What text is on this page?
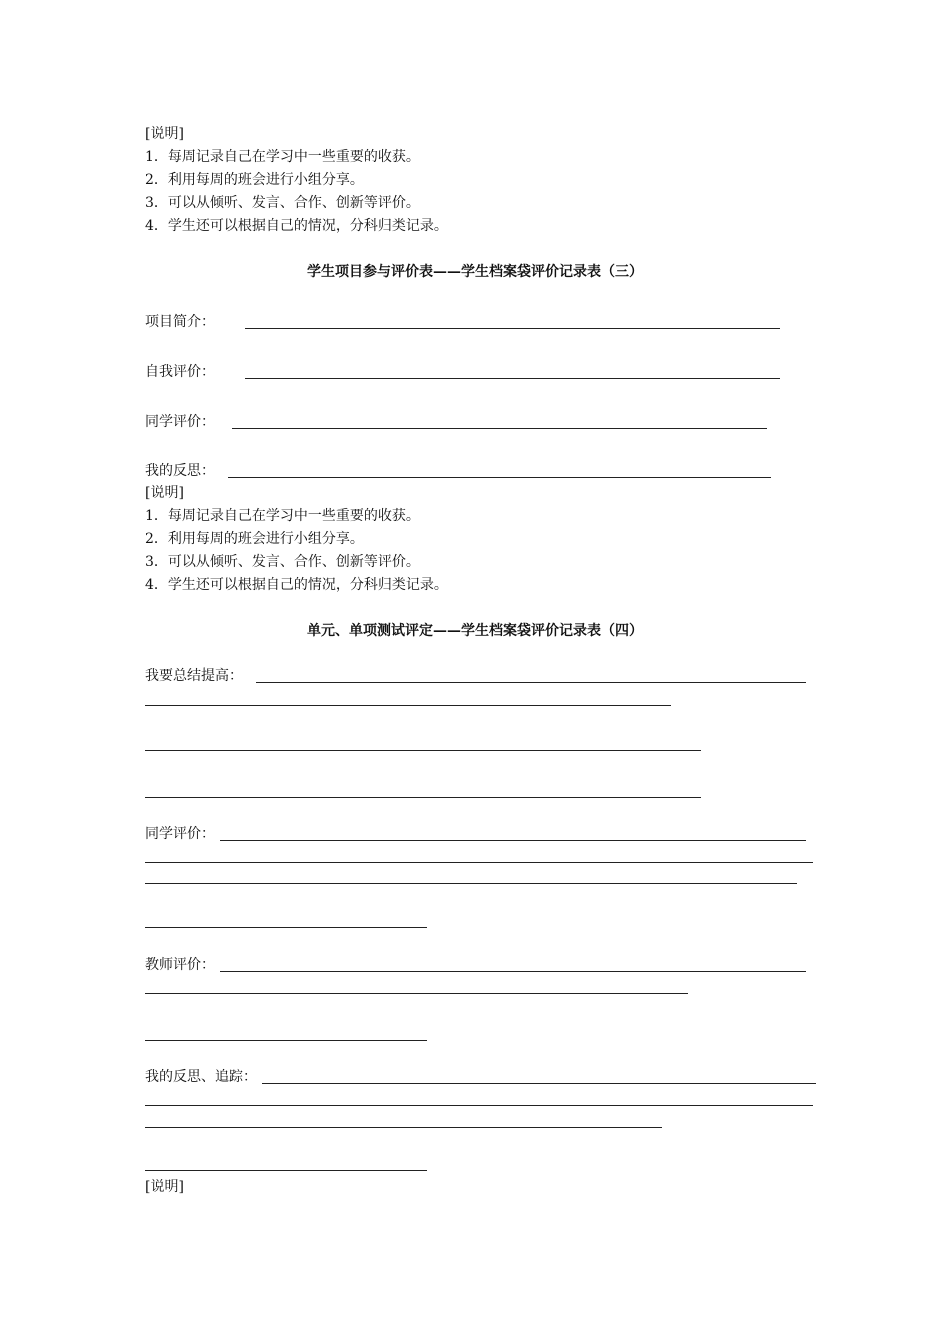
[说明]
1．每周记录自己在学习中一些重要的收获。
2．利用每周的班会进行小组分享。
3．可以从倾听、发言、合作、创新等评价。
4．学生还可以根据自己的情况，分科归类记录。
学生项目参与评价表——学生档案袋评价记录表（三）
项目简介：
自我评价：
同学评价：
我的反思：
[说明]
1．每周记录自己在学习中一些重要的收获。
2．利用每周的班会进行小组分享。
3．可以从倾听、发言、合作、创新等评价。
4．学生还可以根据自己的情况，分科归类记录。
单元、单项测试评定——学生档案袋评价记录表（四）
我要总结提高：
同学评价：
教师评价：
我的反思、追踪：
[说明]
